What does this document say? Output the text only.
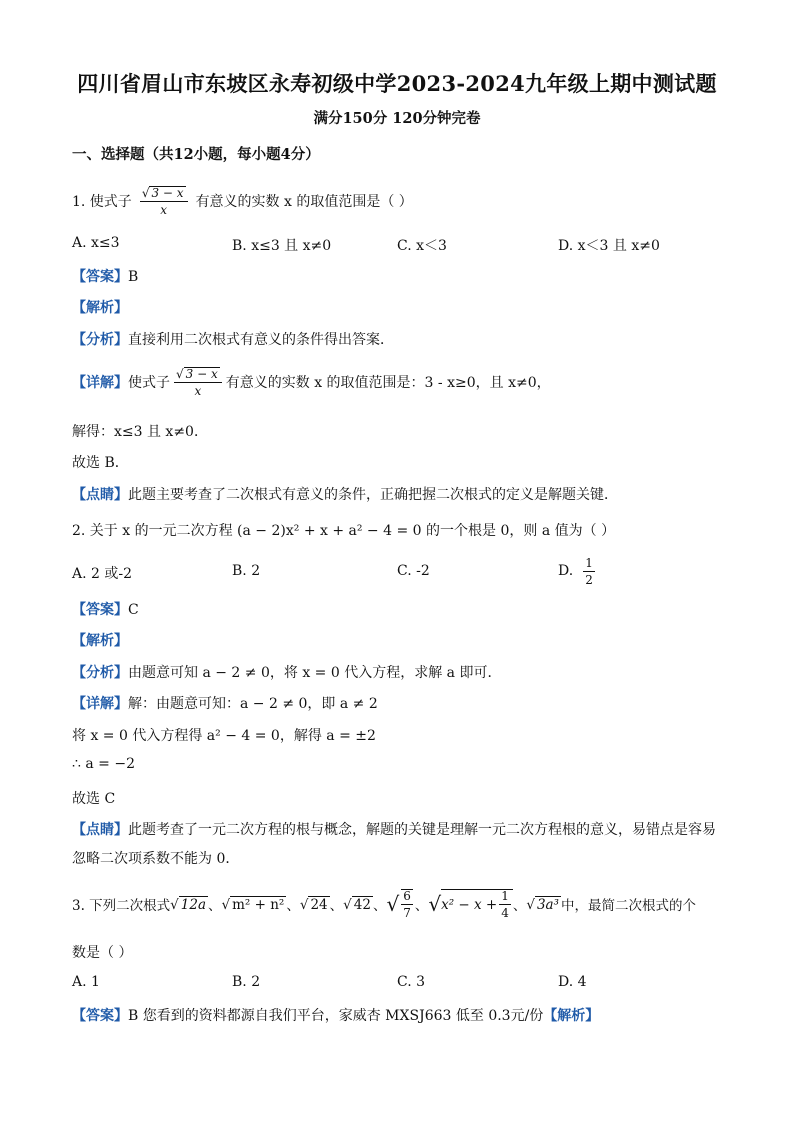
四川省眉山市东坡区永寿初级中学2023-2024九年级上期中测试题
满分150分 120分钟完卷
一、选择题（共12小题，每小题4分）
1. 使式子 $\frac{√ 3 - x}{x}$ 有意义的实数 x 的取值范围是（ ）
A. x≤3	B. x≤3 且 x≠0	C. x＜3	D. x＜3 且 x≠0
【答案】B
【解析】
【分析】直接利用二次根式有意义的条件得出答案．
【详解】 使式子 $\frac{√ 3 - x}{x}$ 有意义的实数 x 的取值范围是：3 - x≥0，且 x≠0，
解得：x≤3 且 x≠0．
故选 B．
【点睛】此题主要考查了二次根式有意义的条件，正确把握二次根式的定义是解题关键．
2. 关于 x 的一元二次方程 (a − 2)x² + x + a² − 4 = 0 的一个根是 0，则 a 值为（ ）
A. 2 或-2	B. 2	C. -2	D. $\frac{1}{2}$
【答案】C
【解析】
【分析】由题意可知 a − 2 ≠ 0，将 x = 0 代入方程，求解 a 即可．
【详解】解：由题意可知：a − 2 ≠ 0，即 a ≠ 2
将 x = 0 代入方程得 a² − 4 = 0，解得 a = ±2
∴ a = −2
故选 C
【点睛】此题考查了一元二次方程的根与概念，解题的关键是理解一元二次方程根的意义，易错点是容易
忽略二次项系数不能为 0．
3. 下列二次根式 √ 12a 、 √ m² + n² 、 √ 24 、 √ 42 、 √ $\frac{6}{7}$ 、 √ $x^2 - x + \frac{1}{4}$ 、 √ 3a³ 中，最简二次根式的个
数是（ ）
A. 1	B. 2	C. 3	D. 4
【答案】B 您看到的资料都源自我们平台，家威杏 MXSJ663 低至 0.3元/份【解析】
